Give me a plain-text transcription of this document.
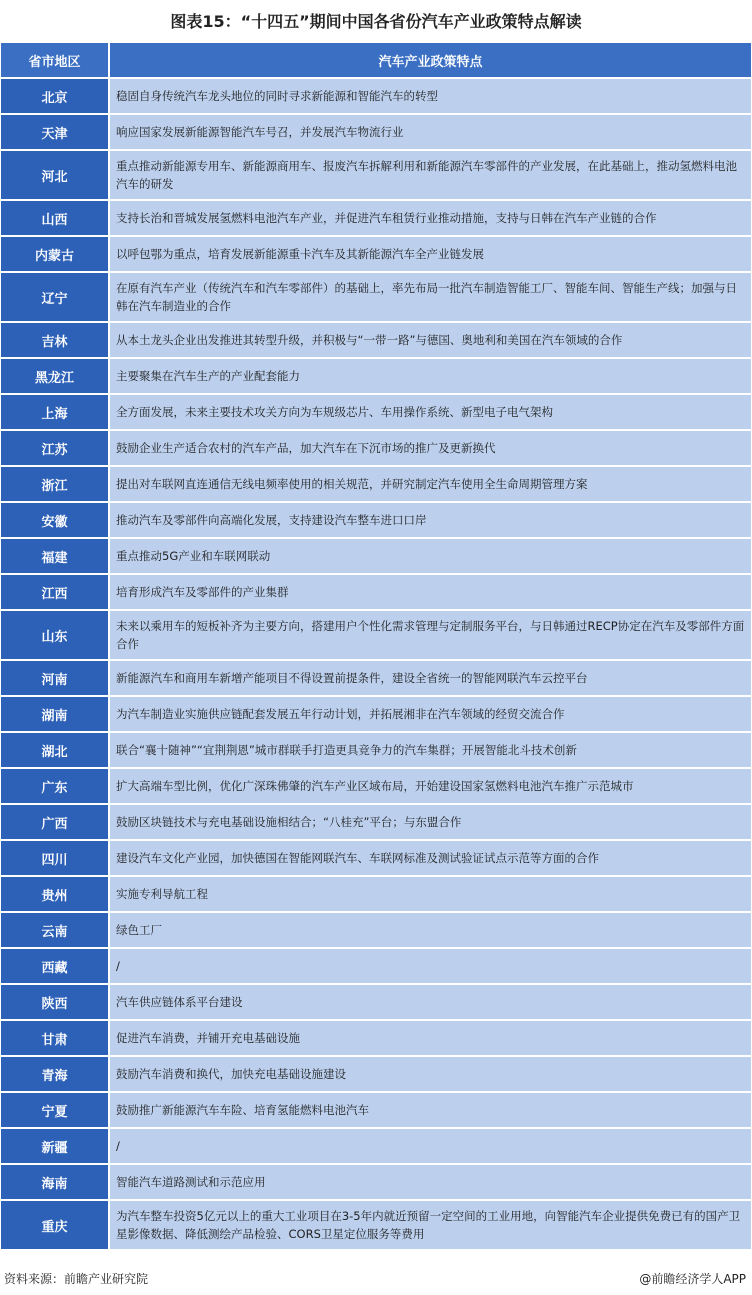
图表15：“十四五”期间中国各省份汽车产业政策特点解读
省市地区	汽车产业政策特点
北京	稳固自身传统汽车龙头地位的同时寻求新能源和智能汽车的转型
天津	响应国家发展新能源智能汽车号召，并发展汽车物流行业
河北	重点推动新能源专用车、新能源商用车、报废汽车拆解利用和新能源汽车零部件的产业发展，在此基础上，推动氢燃料电池汽车的研发
山西	支持长治和晋城发展氢燃料电池汽车产业，并促进汽车租赁行业推动措施，支持与日韩在汽车产业链的合作
内蒙古	以呼包鄂为重点，培育发展新能源重卡汽车及其新能源汽车全产业链发展
辽宁	在原有汽车产业（传统汽车和汽车零部件）的基础上，率先布局一批汽车制造智能工厂、智能车间、智能生产线；加强与日韩在汽车制造业的合作
吉林	从本土龙头企业出发推进其转型升级，并积极与“一带一路”与德国、奥地利和美国在汽车领域的合作
黑龙江	主要聚集在汽车生产的产业配套能力
上海	全方面发展，未来主要技术攻关方向为车规级芯片、车用操作系统、新型电子电气架构
江苏	鼓励企业生产适合农村的汽车产品，加大汽车在下沉市场的推广及更新换代
浙江	提出对车联网直连通信无线电频率使用的相关规范，并研究制定汽车使用全生命周期管理方案
安徽	推动汽车及零部件向高端化发展，支持建设汽车整车进口口岸
福建	重点推动5G产业和车联网联动
江西	培育形成汽车及零部件的产业集群
山东	未来以乘用车的短板补齐为主要方向，搭建用户个性化需求管理与定制服务平台，与日韩通过RECP协定在汽车及零部件方面合作
河南	新能源汽车和商用车新增产能项目不得设置前提条件，建设全省统一的智能网联汽车云控平台
湖南	为汽车制造业实施供应链配套发展五年行动计划，并拓展湘非在汽车领域的经贸交流合作
湖北	联合“襄十随神”“宜荆荆恩”城市群联手打造更具竞争力的汽车集群；开展智能北斗技术创新
广东	扩大高端车型比例，优化广深珠佛肇的汽车产业区域布局，开始建设国家氢燃料电池汽车推广示范城市
广西	鼓励区块链技术与充电基础设施相结合；“八桂充”平台；与东盟合作
四川	建设汽车文化产业园，加快德国在智能网联汽车、车联网标准及测试验证试点示范等方面的合作
贵州	实施专利导航工程
云南	绿色工厂
西藏	/
陕西	汽车供应链体系平台建设
甘肃	促进汽车消费，并铺开充电基础设施
青海	鼓励汽车消费和换代，加快充电基础设施建设
宁夏	鼓励推广新能源汽车车险、培育氢能燃料电池汽车
新疆	/
海南	智能汽车道路测试和示范应用
重庆	为汽车整车投资5亿元以上的重大工业项目在3-5年内就近预留一定空间的工业用地，向智能汽车企业提供免费已有的国产卫星影像数据、降低测绘产品检验、CORS卫星定位服务等费用
资料来源：前瞻产业研究院	@前瞻经济学人APP
